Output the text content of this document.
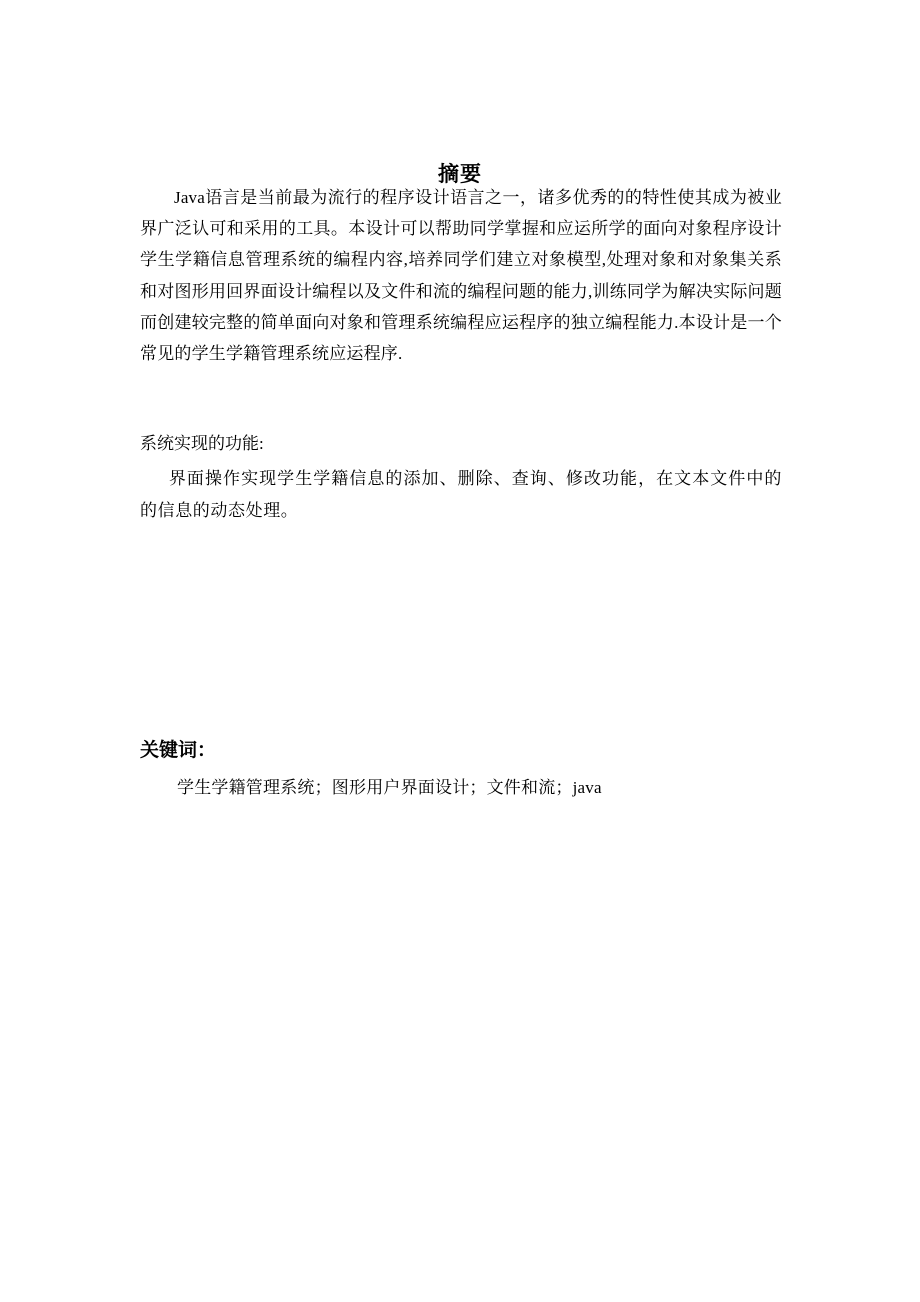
摘要

Java语言是当前最为流行的程序设计语言之一，诸多优秀的的特性使其成为被业界广泛认可和采用的工具。本设计可以帮助同学掌握和应运所学的面向对象程序设计学生学籍信息管理系统的编程内容,培养同学们建立对象模型,处理对象和对象集关系和对图形用回界面设计编程以及文件和流的编程问题的能力,训练同学为解决实际问题而创建较完整的简单面向对象和管理系统编程应运程序的独立编程能力.本设计是一个常见的学生学籍管理系统应运程序.

系统实现的功能:

界面操作实现学生学籍信息的添加、删除、查询、修改功能，在文本文件中的的信息的动态处理。

关键词：

学生学籍管理系统；图形用户界面设计；文件和流；java
